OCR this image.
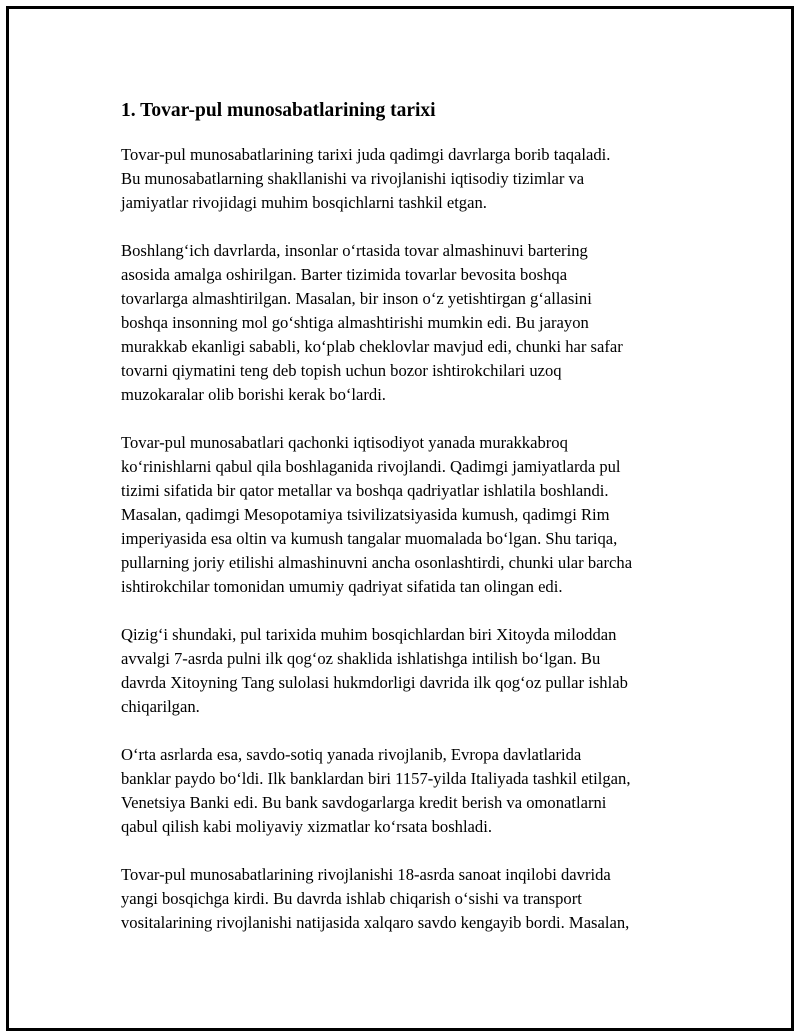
1. Tovar-pul munosabatlarining tarixi

Tovar-pul munosabatlarining tarixi juda qadimgi davrlarga borib taqaladi.
Bu munosabatlarning shakllanishi va rivojlanishi iqtisodiy tizimlar va
jamiyatlar rivojidagi muhim bosqichlarni tashkil etgan.

Boshlang‘ich davrlarda, insonlar o‘rtasida tovar almashinuvi bartering
asosida amalga oshirilgan. Barter tizimida tovarlar bevosita boshqa
tovarlarga almashtirilgan. Masalan, bir inson o‘z yetishtirgan g‘allasini
boshqa insonning mol go‘shtiga almashtirishi mumkin edi. Bu jarayon
murakkab ekanligi sababli, ko‘plab cheklovlar mavjud edi, chunki har safar
tovarni qiymatini teng deb topish uchun bozor ishtirokchilari uzoq
muzokaralar olib borishi kerak bo‘lardi.

Tovar-pul munosabatlari qachonki iqtisodiyot yanada murakkabroq
ko‘rinishlarni qabul qila boshlaganida rivojlandi. Qadimgi jamiyatlarda pul
tizimi sifatida bir qator metallar va boshqa qadriyatlar ishlatila boshlandi.
Masalan, qadimgi Mesopotamiya tsivilizatsiyasida kumush, qadimgi Rim
imperiyasida esa oltin va kumush tangalar muomalada bo‘lgan. Shu tariqa,
pullarning joriy etilishi almashinuvni ancha osonlashtirdi, chunki ular barcha
ishtirokchilar tomonidan umumiy qadriyat sifatida tan olingan edi.

Qizig‘i shundaki, pul tarixida muhim bosqichlardan biri Xitoyda miloddan
avvalgi 7-asrda pulni ilk qog‘oz shaklida ishlatishga intilish bo‘lgan. Bu
davrda Xitoyning Tang sulolasi hukmdorligi davrida ilk qog‘oz pullar ishlab
chiqarilgan.

O‘rta asrlarda esa, savdo-sotiq yanada rivojlanib, Evropa davlatlarida
banklar paydo bo‘ldi. Ilk banklardan biri 1157-yilda Italiyada tashkil etilgan,
Venetsiya Banki edi. Bu bank savdogarlarga kredit berish va omonatlarni
qabul qilish kabi moliyaviy xizmatlar ko‘rsata boshladi.

Tovar-pul munosabatlarining rivojlanishi 18-asrda sanoat inqilobi davrida
yangi bosqichga kirdi. Bu davrda ishlab chiqarish o‘sishi va transport
vositalarining rivojlanishi natijasida xalqaro savdo kengayib bordi. Masalan,
